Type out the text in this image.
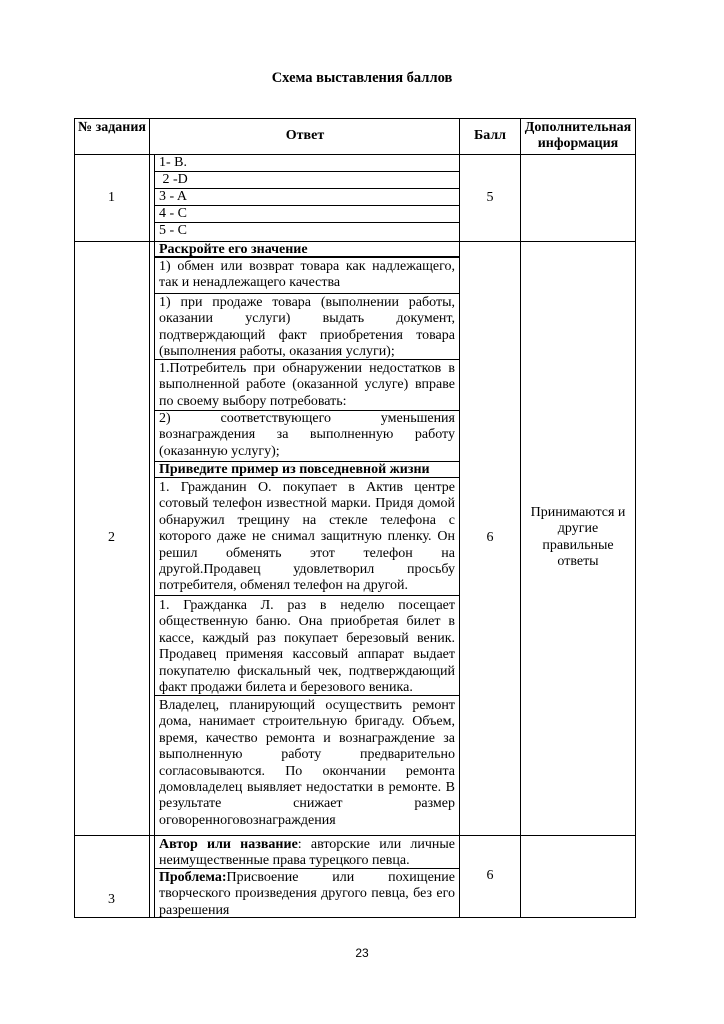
Схема выставления баллов
№ задания
Ответ	Балл
Дополнительная информация
1
1- B.
2 -D
3 - A
4 - C
5 - C
5
2	6
Принимаются и другие правильные ответы
Раскройте его значение
1) обмен или возврат товара как надлежащего, так и ненадлежащего качества
1) при продаже товара (выполнении работы, оказании услуги) выдать документ, подтверждающий факт приобретения товара (выполнения работы, оказания услуги);
1.Потребитель при обнаружении недостатков в выполненной работе (оказанной услуге) вправе по своему выбору потребовать:
2) соответствующего уменьшения вознаграждения за выполненную работу (оказанную услугу);
Приведите пример из повседневной жизни
1. Гражданин О. покупает в Актив центре сотовый телефон известной марки. Придя домой обнаружил трещину на стекле телефона с которого даже не снимал защитную пленку. Он решил обменять этот телефон на другой.Продавец удовлетворил просьбу потребителя, обменял телефон на другой.
1. Гражданка Л. раз в неделю посещает общественную баню. Она приобретая билет в кассе, каждый раз покупает березовый веник. Продавец применяя кассовый аппарат выдает покупателю фискальный чек, подтверждающий факт продажи билета и березового веника.
Владелец, планирующий осуществить ремонт дома, нанимает строительную бригаду. Объем, время, качество ремонта и вознаграждение за выполненную работу предварительно согласовываются. По окончании ремонта домовладелец выявляет недостатки в ремонте. В результате снижает размер оговоренноговознаграждения
3
6
Автор или название: авторские или личные неимущественные права турецкого певца.
Проблема:Присвоение или похищение творческого произведения другого певца, без его разрешения
23
